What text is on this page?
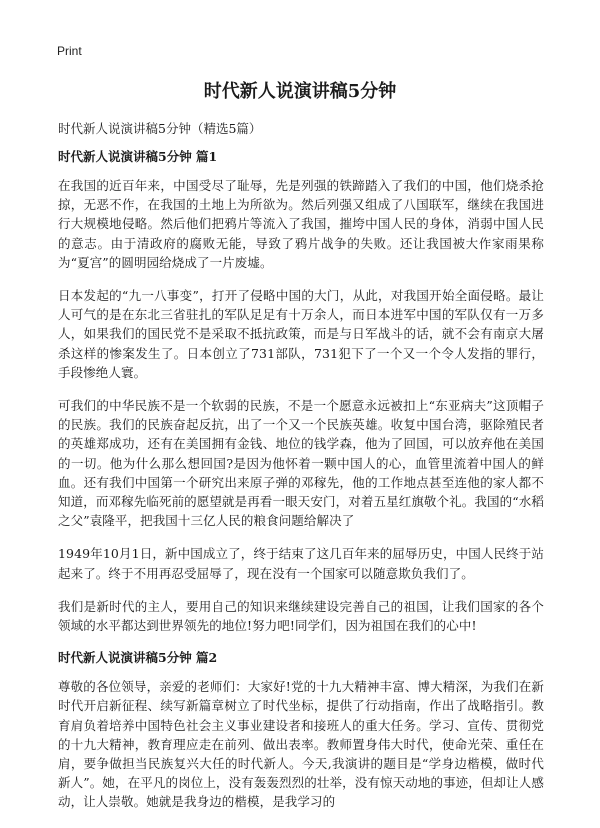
Print
时代新人说演讲稿5分钟
时代新人说演讲稿5分钟（精选5篇）
时代新人说演讲稿5分钟 篇1

在我国的近百年来，中国受尽了耻辱，先是列强的铁蹄踏入了我们的中国，他们烧杀抢掠，无恶不作，在我国的土地上为所欲为。然后列强又组成了八国联军，继续在我国进行大规模地侵略。然后他们把鸦片等流入了我国，摧垮中国人民的身体，消弱中国人民的意志。由于清政府的腐败无能，导致了鸦片战争的失败。还让我国被大作家雨果称为“夏宫”的圆明园给烧成了一片废墟。

日本发起的“九一八事变”，打开了侵略中国的大门，从此，对我国开始全面侵略。最让人可气的是在东北三省驻扎的军队足足有十万余人，而日本进军中国的军队仅有一万多人，如果我们的国民党不是采取不抵抗政策，而是与日军战斗的话，就不会有南京大屠杀这样的惨案发生了。日本创立了731部队，731犯下了一个又一个令人发指的罪行，手段惨绝人寰。

可我们的中华民族不是一个软弱的民族，不是一个愿意永远被扣上“东亚病夫”这顶帽子的民族。我们的民族奋起反抗，出了一个又一个民族英雄。收复中国台湾，驱除殖民者的英雄郑成功，还有在美国拥有金钱、地位的钱学森，他为了回国，可以放弃他在美国的一切。他为什么那么想回国?是因为他怀着一颗中国人的心，血管里流着中国人的鲜血。还有我们中国第一个研究出来原子弹的邓稼先，他的工作地点甚至连他的家人都不知道，而邓稼先临死前的愿望就是再看一眼天安门，对着五星红旗敬个礼。我国的“水稻之父”袁隆平，把我国十三亿人民的粮食问题给解决了

1949年10月1日，新中国成立了，终于结束了这几百年来的屈辱历史，中国人民终于站起来了。终于不用再忍受屈辱了，现在没有一个国家可以随意欺负我们了。

我们是新时代的主人，要用自己的知识来继续建设完善自己的祖国，让我们国家的各个领域的水平都达到世界领先的地位!努力吧!同学们，因为祖国在我们的心中!

时代新人说演讲稿5分钟 篇2

尊敬的各位领导，亲爱的老师们：大家好!党的十九大精神丰富、博大精深，为我们在新时代开启新征程、续写新篇章树立了时代坐标，提供了行动指南，作出了战略指引。教育肩负着培养中国特色社会主义事业建设者和接班人的重大任务。学习、宣传、贯彻党的十九大精神，教育理应走在前列、做出表率。教师置身伟大时代，使命光荣、重任在肩，要争做担当民族复兴大任的时代新人。今天,我演讲的题目是“学身边楷模，做时代新人”。她，在平凡的岗位上，没有轰轰烈烈的壮举，没有惊天动地的事迹，但却让人感动，让人崇敬。她就是我身边的楷模，是我学习的
